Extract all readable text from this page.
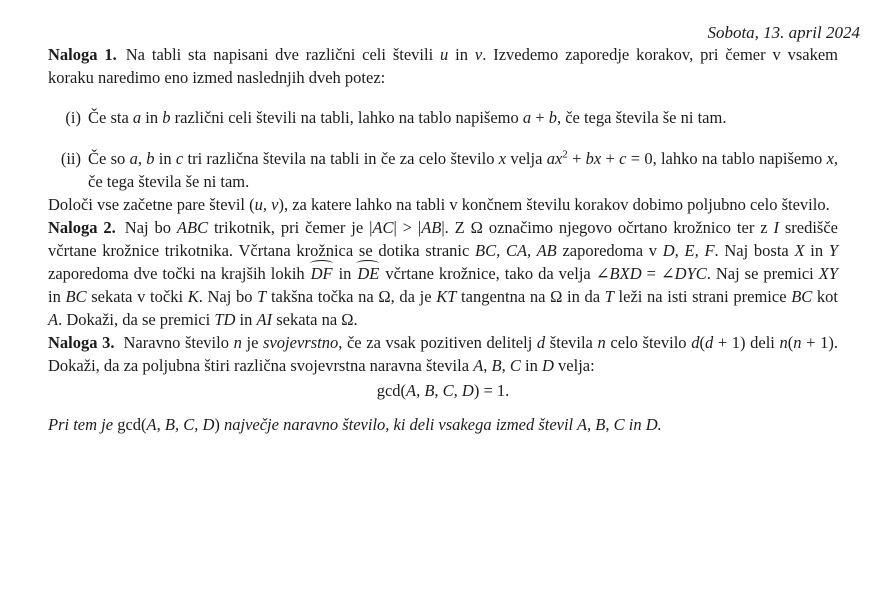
Sobota, 13. april 2024

Naloga 1. Na tabli sta napisani dve različni celi števili u in v. Izvedemo zaporedje korakov, pri čemer v vsakem koraku naredimo eno izmed naslednjih dveh potez:

(i) Če sta a in b različni celi števili na tabli, lahko na tablo napišemo a + b, če tega števila še ni tam.
(ii) Če so a, b in c tri različna števila na tabli in če za celo število x velja $ax^2$ + bx + c = 0, lahko na tablo napišemo x, če tega števila še ni tam.

Določi vse začetne pare števil (u, v), za katere lahko na tabli v končnem številu korakov dobimo poljubno celo število.

Naloga 2. Naj bo ABC trikotnik, pri čemer je |AC| > |AB|. Z Ω označimo njegovo očrtano krožnico ter z I središče včrtane krožnice trikotnika. Včrtana krožnica se dotika stranic BC, CA, AB zaporedoma v D, E, F. Naj bosta X in Y zaporedoma dve točki na krajših lokih DF in DE včrtane krožnice, tako da velja ∠BXD = ∠DYC. Naj se premici XY in BC sekata v točki K. Naj bo T takšna točka na Ω, da je KT tangentna na Ω in da T leži na isti strani premice BC kot A. Dokaži, da se premici TD in AI sekata na Ω.

Naloga 3. Naravno število n je svojevrstno, če za vsak pozitiven delitelj d števila n celo število d(d + 1) deli n(n + 1). Dokaži, da za poljubna štiri različna svojevrstna naravna števila A, B, C in D velja:

gcd(A, B, C, D) = 1.

Pri tem je gcd(A, B, C, D) največje naravno število, ki deli vsakega izmed števil A, B, C in D.
